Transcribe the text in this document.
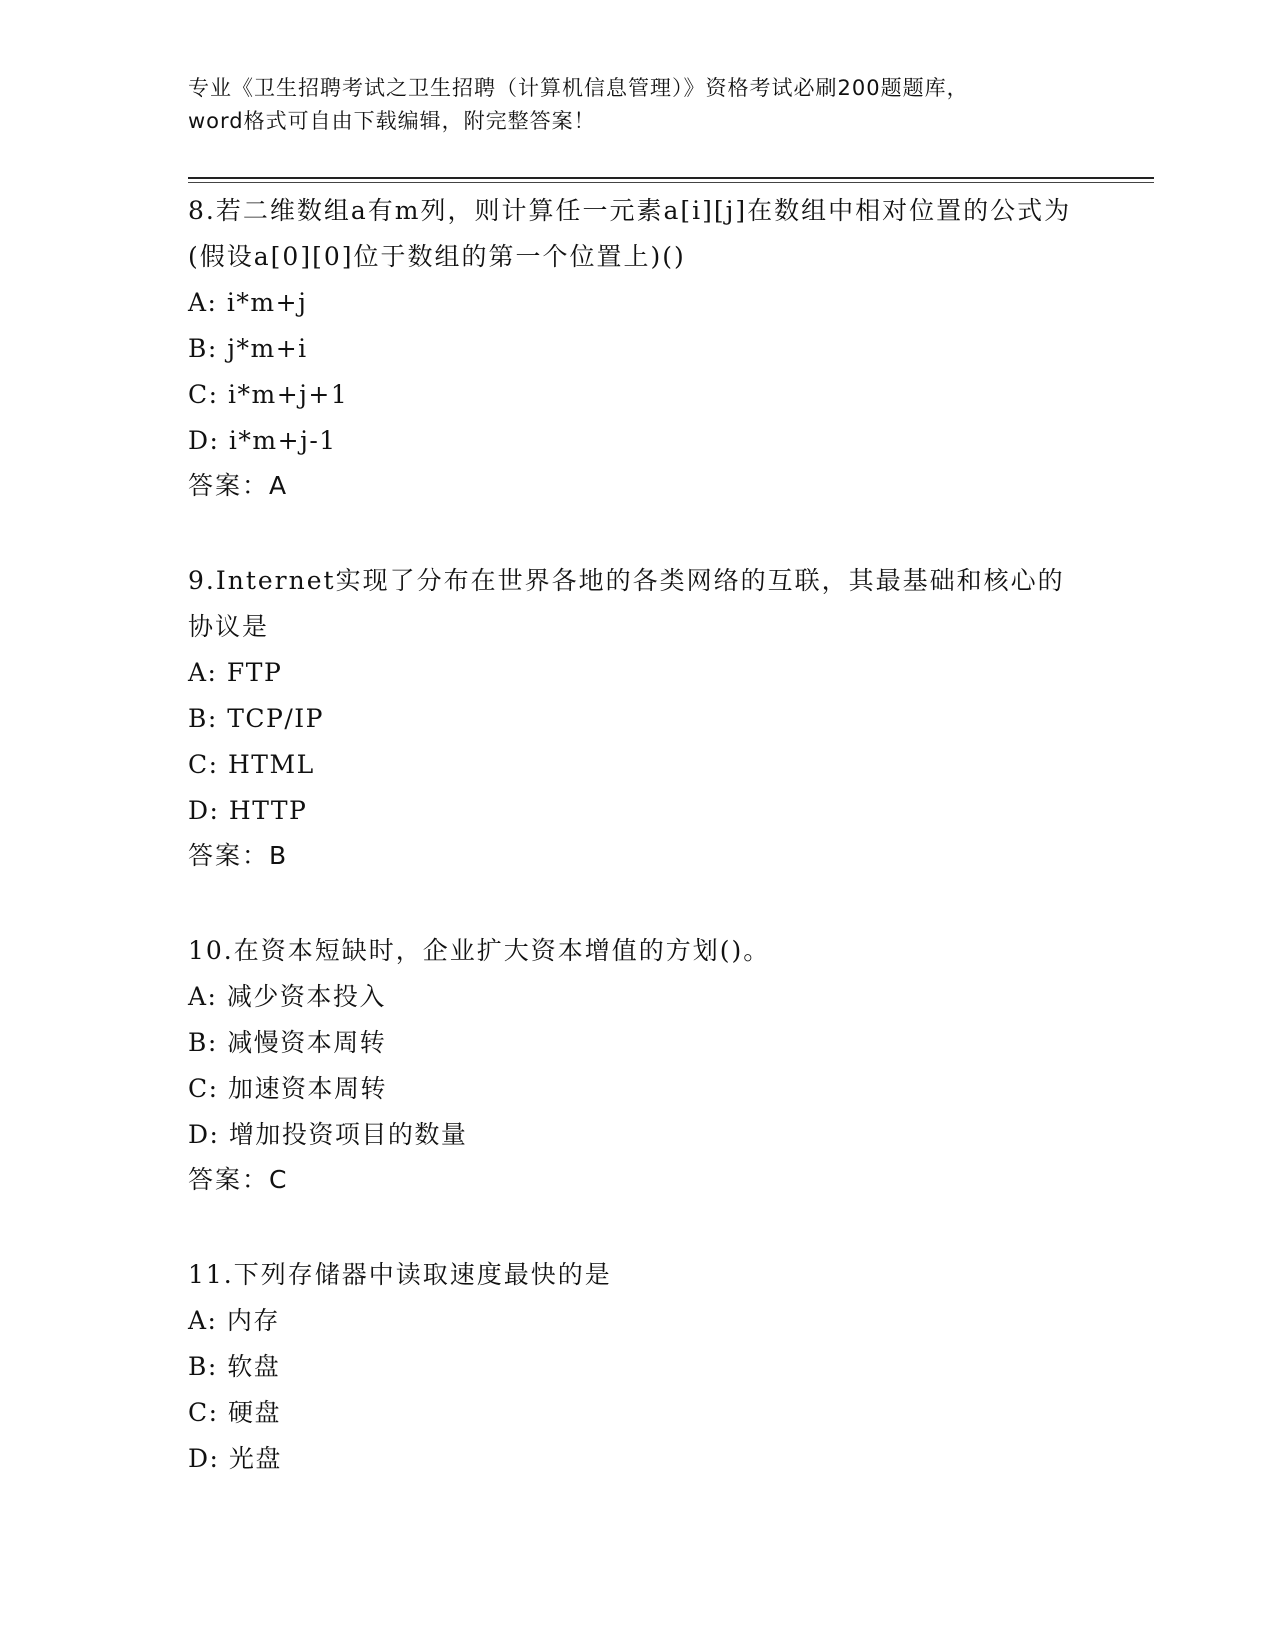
专业《卫生招聘考试之卫生招聘（计算机信息管理）》资格考试必刷200题题库，
word格式可自由下载编辑，附完整答案！
8.若二维数组a有m列，则计算任一元素a[i][j]在数组中相对位置的公式为(假设a[0][0]位于数组的第一个位置上)()
A: i*m+j
B: j*m+i
C: i*m+j+1
D: i*m+j-1
答案：A
9.Internet实现了分布在世界各地的各类网络的互联，其最基础和核心的协议是
A: FTP
B: TCP/IP
C: HTML
D: HTTP
答案：B
10.在资本短缺时，企业扩大资本增值的方划()。
A: 减少资本投入
B: 减慢资本周转
C: 加速资本周转
D: 增加投资项目的数量
答案：C
11.下列存储器中读取速度最快的是
A: 内存
B: 软盘
C: 硬盘
D: 光盘
